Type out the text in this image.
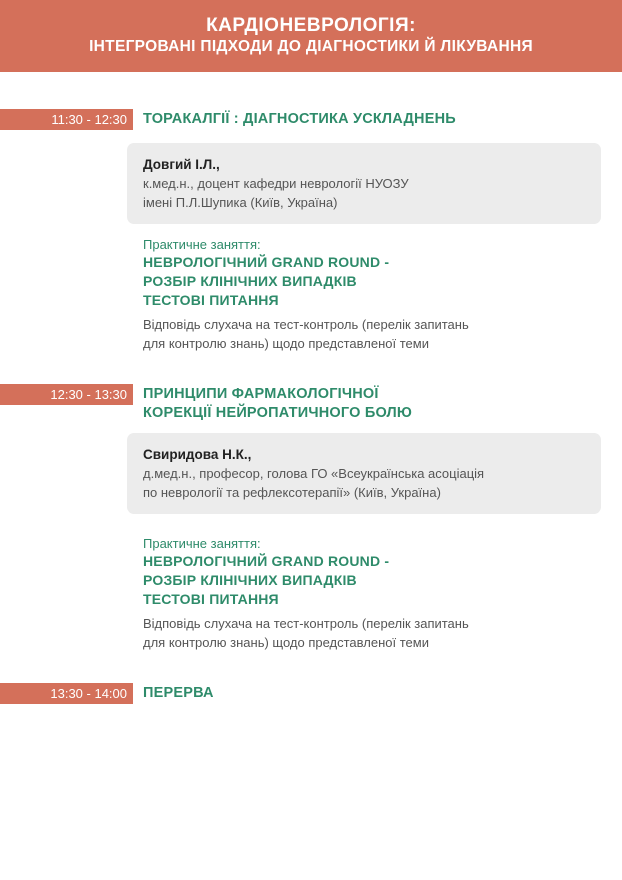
КАРДІОНЕВРОЛОГІЯ:
ІНТЕГРОВАНІ ПІДХОДИ ДО ДІАГНОСТИКИ Й ЛІКУВАННЯ
11:30 - 12:30	ТОРАКАЛГІЇ : ДІАГНОСТИКА УСКЛАДНЕНЬ
Довгий І.Л.,
к.мед.н., доцент кафедри неврології НУОЗУ
імені П.Л.Шупика (Київ, Україна)
Практичне заняття:
НЕВРОЛОГІЧНИЙ GRAND ROUND -
РОЗБІР КЛІНІЧНИХ ВИПАДКІВ
ТЕСТОВІ ПИТАННЯ
Відповідь слухача на тест-контроль (перелік запитань
для контролю знань) щодо представленої теми
12:30 - 13:30	ПРИНЦИПИ ФАРМАКОЛОГІЧНОЇ
КОРЕКЦІЇ НЕЙРОПАТИЧНОГО БОЛЮ
Свиридова Н.К.,
д.мед.н., професор, голова ГО «Всеукраїнська асоціація
по неврології та рефлексотерапії» (Київ, Україна)
Практичне заняття:
НЕВРОЛОГІЧНИЙ GRAND ROUND -
РОЗБІР КЛІНІЧНИХ ВИПАДКІВ
ТЕСТОВІ ПИТАННЯ
Відповідь слухача на тест-контроль (перелік запитань
для контролю знань) щодо представленої теми
13:30 - 14:00	ПЕРЕРВА
